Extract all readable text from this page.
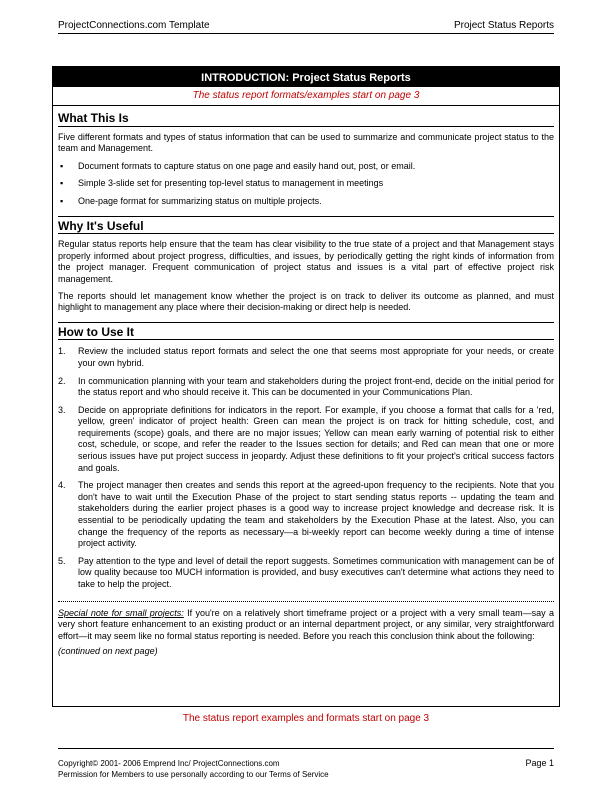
ProjectConnections.com Template	Project Status Reports
INTRODUCTION: Project Status Reports
The status report formats/examples start on page 3
What This Is

Five different formats and types of status information that can be used to summarize and communicate project status to the team and Management.

▪ Document formats to capture status on one page and easily hand out, post, or email.
▪ Simple 3-slide set for presenting top-level status to management in meetings
▪ One-page format for summarizing status on multiple projects.
Why It's Useful

Regular status reports help ensure that the team has clear visibility to the true state of a project and that Management stays properly informed about project progress, difficulties, and issues, by periodically getting the right kinds of information from the project manager. Frequent communication of project status and issues is a vital part of effective project risk management.

The reports should let management know whether the project is on track to deliver its outcome as planned, and must highlight to management any place where their decision-making or direct help is needed.

How to Use It
1. Review the included status report formats and select the one that seems most appropriate for your needs, or create your own hybrid.
2. In communication planning with your team and stakeholders during the project front-end, decide on the initial period for the status report and who should receive it. This can be documented in your Communications Plan.
3. Decide on appropriate definitions for indicators in the report. For example, if you choose a format that calls for a 'red, yellow, green' indicator of project health: Green can mean the project is on track for hitting schedule, cost, and requirements (scope) goals, and there are no major issues; Yellow can mean early warning of potential risk to either cost, schedule, or scope, and refer the reader to the Issues section for details; and Red can mean that one or more serious issues have put project success in jeopardy. Adjust these definitions to fit your project's critical success factors and goals.
4. The project manager then creates and sends this report at the agreed-upon frequency to the recipients. Note that you don't have to wait until the Execution Phase of the project to start sending status reports -- updating the team and stakeholders during the earlier project phases is a good way to increase project knowledge and decrease risk. It is essential to be periodically updating the team and stakeholders by the Execution Phase at the latest. Also, you can change the frequency of the reports as necessary—a bi-weekly report can become weekly during a time of intense project activity.
5. Pay attention to the type and level of detail the report suggests. Sometimes communication with management can be of low quality because too MUCH information is provided, and busy executives can't determine what actions they need to take to help the project.
Special note for small projects: If you're on a relatively short timeframe project or a project with a very small team—say a very short feature enhancement to an existing product or an internal department project, or any similar, very straightforward effort—it may seem like no formal status reporting is needed. Before you reach this conclusion think about the following:
(continued on next page)
The status report examples and formats start on page 3
Copyright© 2001- 2006 Emprend Inc/ ProjectConnections.com
Permission for Members to use personally according to our Terms of Service
Page 1
